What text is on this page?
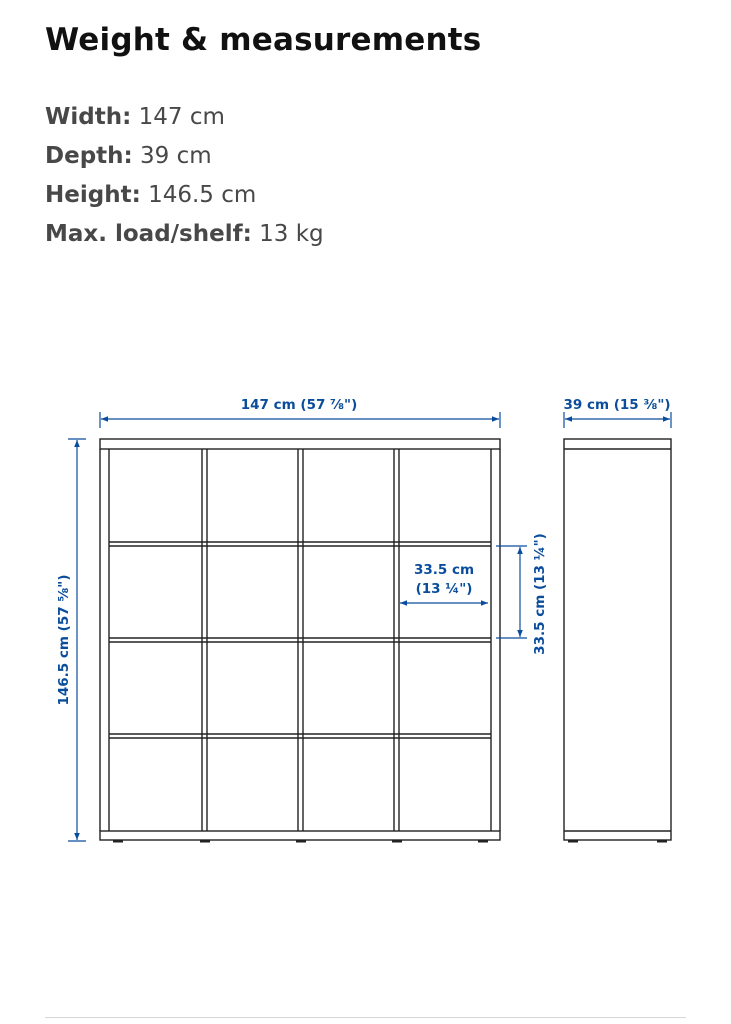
Weight & measurements
Width: 147 cm
Depth: 39 cm
Height: 146.5 cm
Max. load/shelf: 13 kg
147 cm (57 ⅞")	39 cm (15 ⅜")
146.5 cm (57 ⅝")
33.5 cm
(13 ¼")	33.5 cm (13 ¼")
